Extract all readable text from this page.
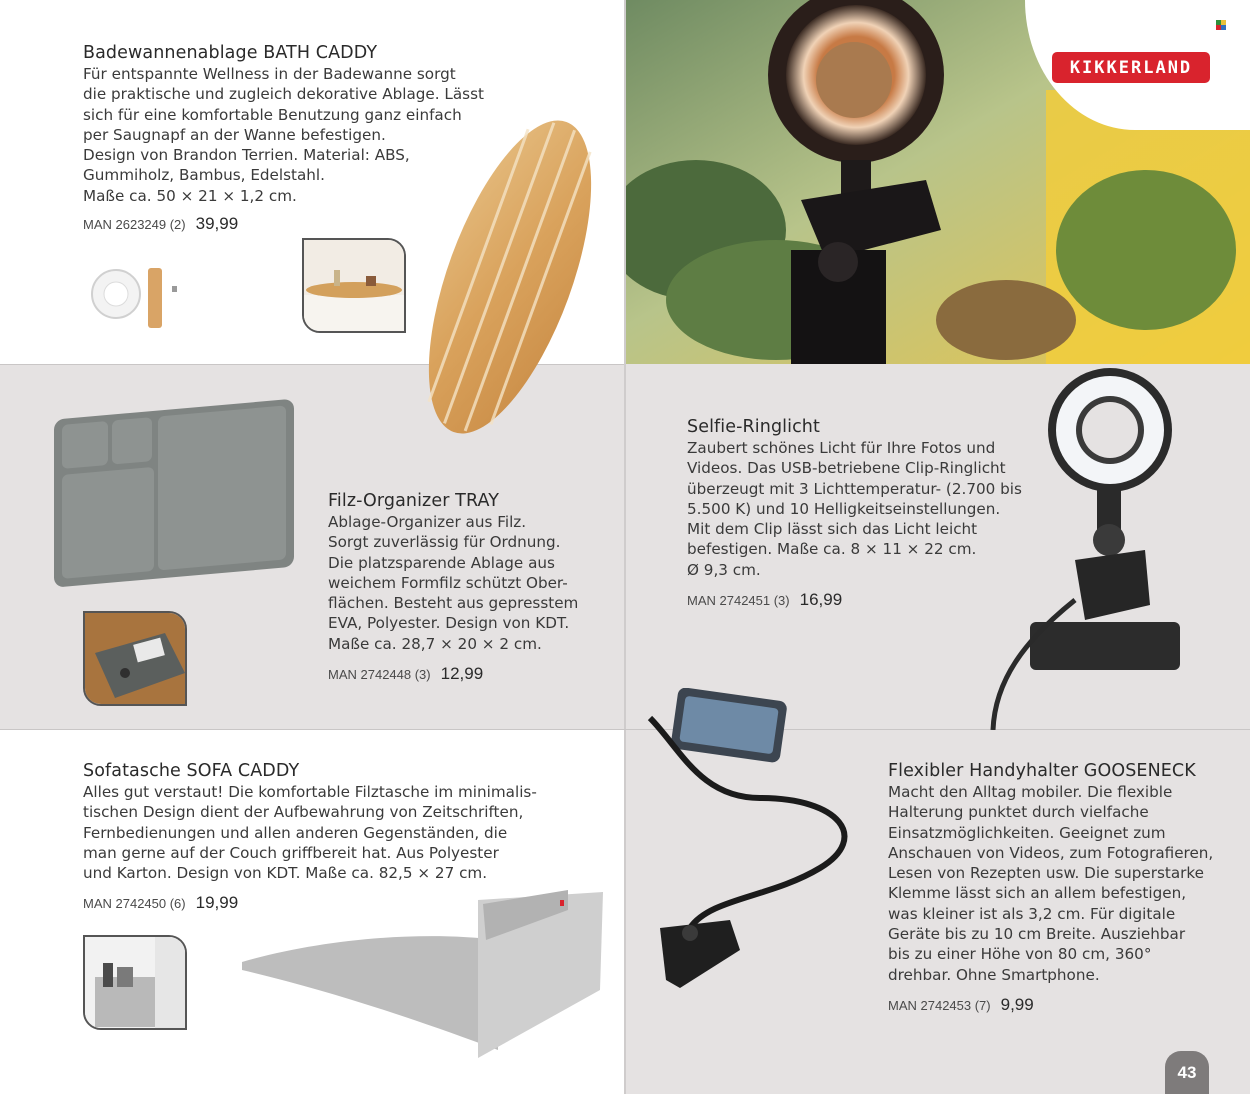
KIKKERLAND
Badewannenablage BATH CADDY
Für entspannte Wellness in der Badewanne sorgt
die praktische und zugleich dekorative Ablage. Lässt
sich für eine komfortable Benutzung ganz einfach
per Saugnapf an der Wanne befestigen.
Design von Brandon Terrien. Material: ABS,
Gummiholz, Bambus, Edelstahl.
Maße ca. 50 × 21 × 1,2 cm.
MAN 2623249 (2) 39,99
Filz-Organizer TRAY
Ablage-Organizer aus Filz.
Sorgt zuverlässig für Ordnung.
Die platzsparende Ablage aus
weichem Formfilz schützt Ober-
flächen. Besteht aus gepresstem
EVA, Polyester. Design von KDT.
Maße ca. 28,7 × 20 × 2 cm.
MAN 2742448 (3) 12,99
Selfie-Ringlicht
Zaubert schönes Licht für Ihre Fotos und
Videos. Das USB-betriebene Clip-Ringlicht
überzeugt mit 3 Lichttemperatur- (2.700 bis
5.500 K) und 10 Helligkeitseinstellungen.
Mit dem Clip lässt sich das Licht leicht
befestigen. Maße ca. 8 × 11 × 22 cm.
Ø 9,3 cm.
MAN 2742451 (3) 16,99
Sofatasche SOFA CADDY
Alles gut verstaut! Die komfortable Filztasche im minimalis-
tischen Design dient der Aufbewahrung von Zeitschriften,
Fernbedienungen und allen anderen Gegenständen, die
man gerne auf der Couch griffbereit hat. Aus Polyester
und Karton. Design von KDT. Maße ca. 82,5 × 27 cm.
MAN 2742450 (6) 19,99
Flexibler Handyhalter GOOSENECK
Macht den Alltag mobiler. Die flexible
Halterung punktet durch vielfache
Einsatzmöglichkeiten. Geeignet zum
Anschauen von Videos, zum Fotografieren,
Lesen von Rezepten usw. Die superstarke
Klemme lässt sich an allem befestigen,
was kleiner ist als 3,2 cm. Für digitale
Geräte bis zu 10 cm Breite. Ausziehbar
bis zu einer Höhe von 80 cm, 360°
drehbar. Ohne Smartphone.
MAN 2742453 (7) 9,99
43
